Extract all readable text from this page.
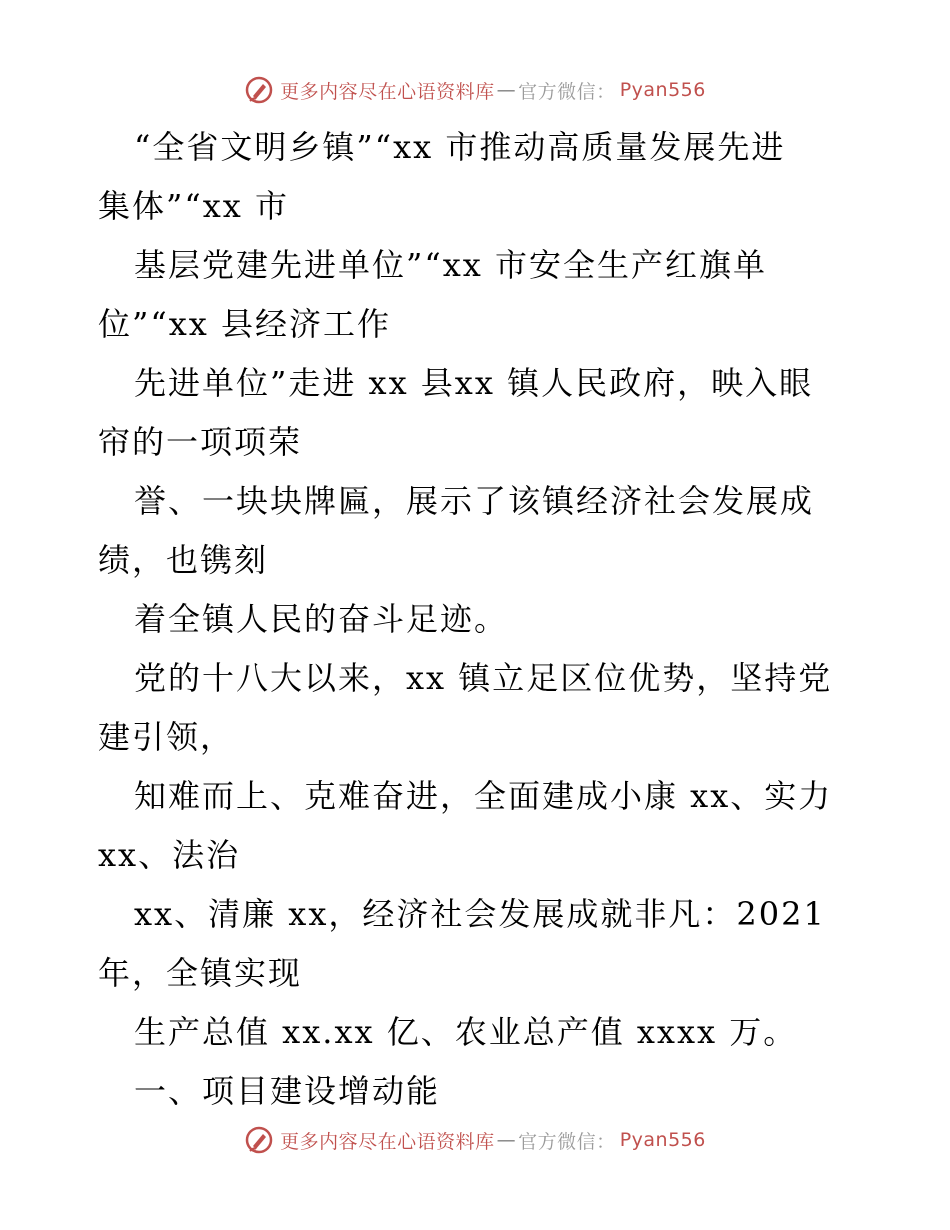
更多内容尽在心语资料库 — 官方微信： Pyan556

“全省文明乡镇”“xx 市推动高质量发展先进

集体”“xx 市

基层党建先进单位”“xx 市安全生产红旗单

位”“xx 县经济工作

先进单位”走进 xx 县xx 镇人民政府，映入眼

帘的一项项荣

誉、一块块牌匾，展示了该镇经济社会发展成

绩，也镌刻

着全镇人民的奋斗足迹。

党的十八大以来，xx 镇立足区位优势，坚持党

建引领，

知难而上、克难奋进，全面建成小康 xx、实力

xx、法治

xx、清廉 xx，经济社会发展成就非凡：2021

年，全镇实现

生产总值 xx.xx 亿、农业总产值 xxxx 万。

一、项目建设增动能

更多内容尽在心语资料库 — 官方微信： Pyan556
